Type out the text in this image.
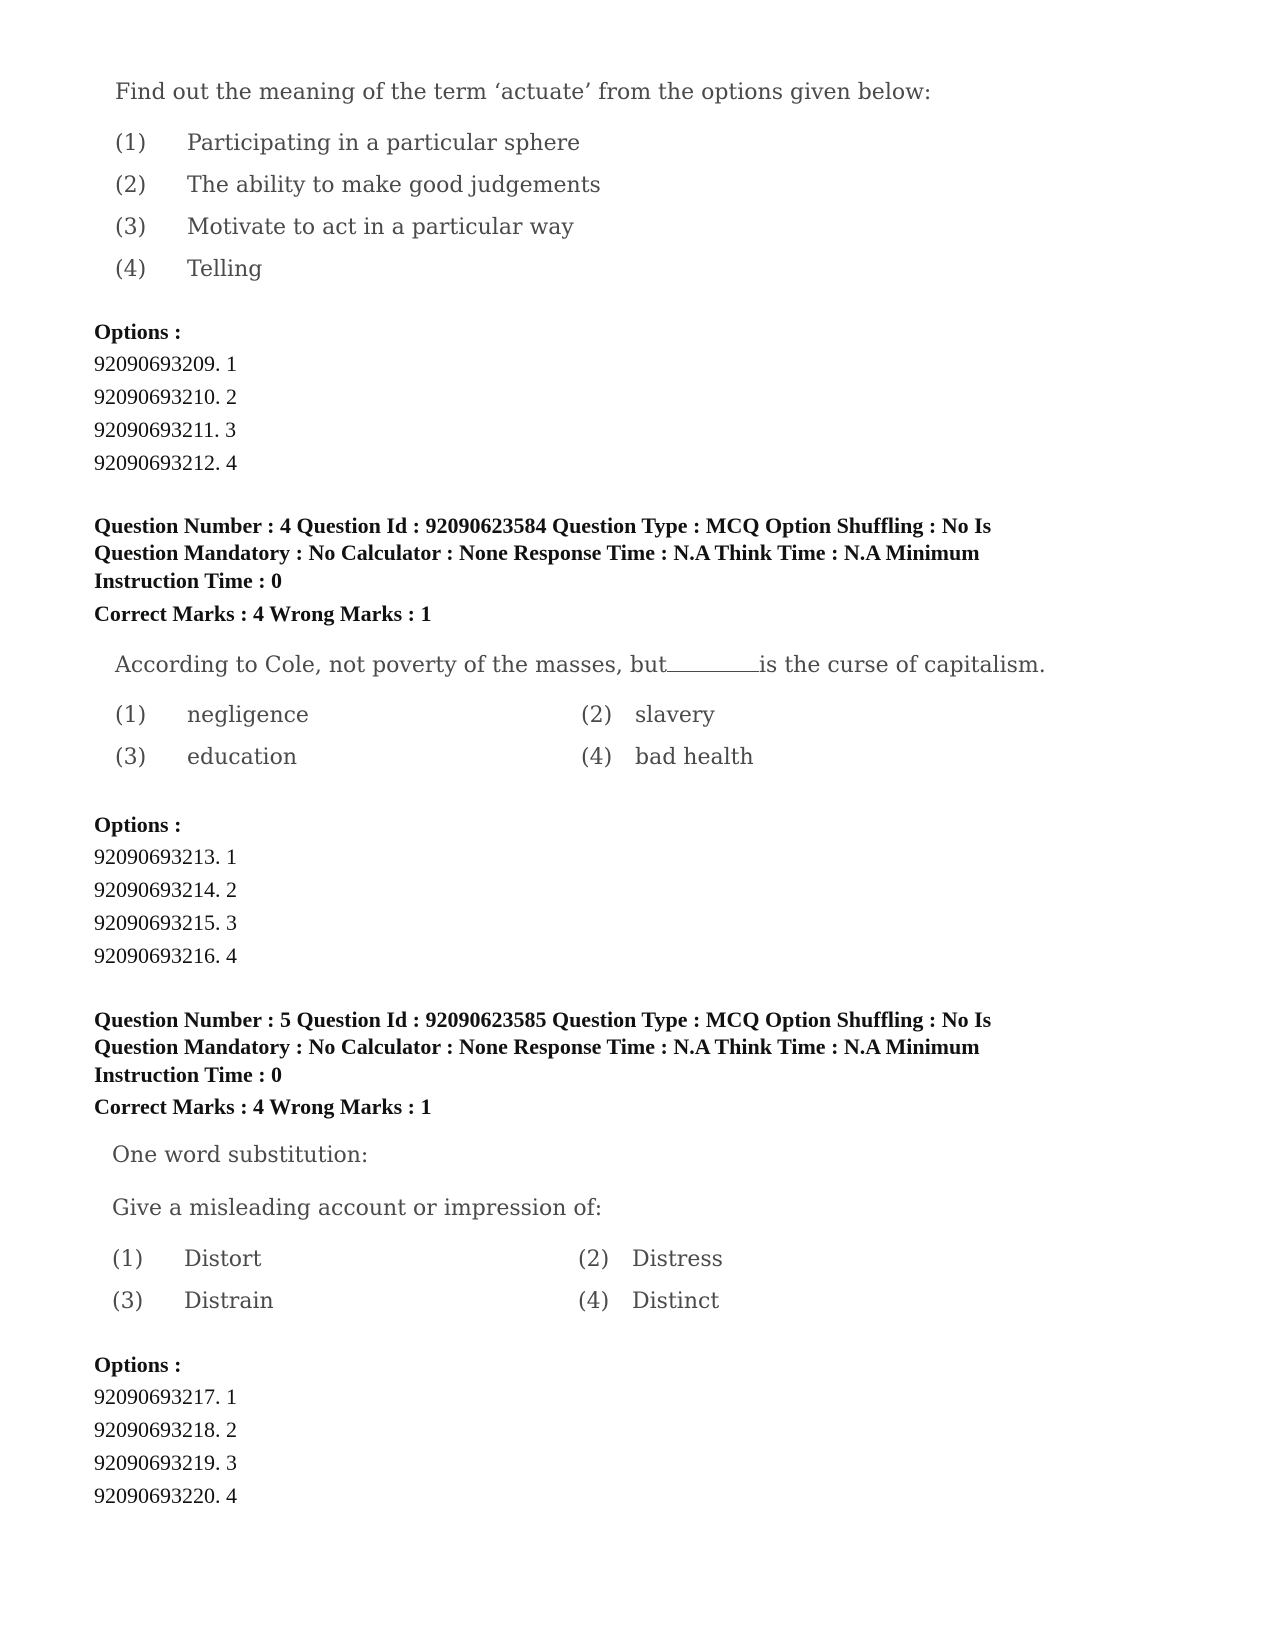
Find out the meaning of the term ‘actuate’ from the options given below:
(1) Participating in a particular sphere
(2) The ability to make good judgements
(3) Motivate to act in a particular way
(4) Telling
Options :
92090693209. 1
92090693210. 2
92090693211. 3
92090693212. 4
Question Number : 4 Question Id : 92090623584 Question Type : MCQ Option Shuffling : No Is
Question Mandatory : No Calculator : None Response Time : N.A Think Time : N.A Minimum
Instruction Time : 0
Correct Marks : 4 Wrong Marks : 1
According to Cole, not poverty of the masses, but	is the curse of capitalism.
(1) negligence	(2) slavery
(3) education	(4) bad health
Options :
92090693213. 1
92090693214. 2
92090693215. 3
92090693216. 4
Question Number : 5 Question Id : 92090623585 Question Type : MCQ Option Shuffling : No Is
Question Mandatory : No Calculator : None Response Time : N.A Think Time : N.A Minimum
Instruction Time : 0
Correct Marks : 4 Wrong Marks : 1
One word substitution:
Give a misleading account or impression of:
(1) Distort	(2) Distress
(3) Distrain	(4) Distinct
Options :
92090693217. 1
92090693218. 2
92090693219. 3
92090693220. 4
